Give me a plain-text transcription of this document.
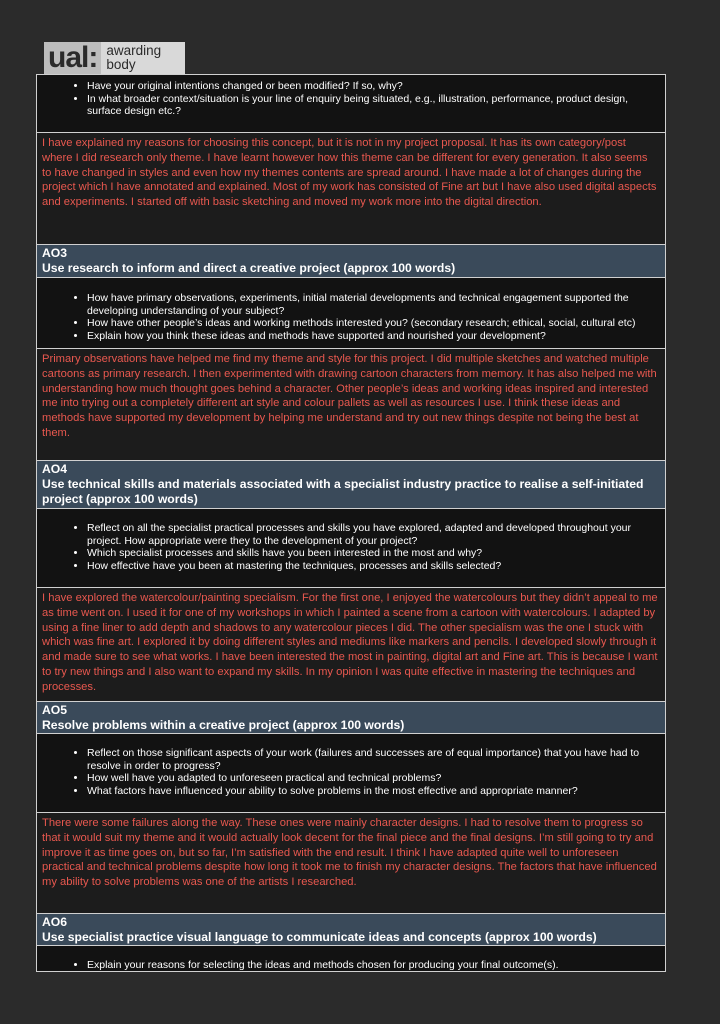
ual: awarding
body
• Have your original intentions changed or been modified? If so, why?
• In what broader context/situation is your line of enquiry being situated, e.g., illustration, performance, product design, surface design etc.?
I have explained my reasons for choosing this concept, but it is not in my project proposal. It has its own category/post where I did research only theme. I have learnt however how this theme can be different for every generation. It also seems to have changed in styles and even how my themes contents are spread around. I have made a lot of changes during the project which I have annotated and explained. Most of my work has consisted of Fine art but I have also used digital aspects and experiments. I started off with basic sketching and moved my work more into the digital direction.
AO3
Use research to inform and direct a creative project (approx 100 words)
• How have primary observations, experiments, initial material developments and technical engagement supported the developing understanding of your subject?
• How have other people’s ideas and working methods interested you? (secondary research; ethical, social, cultural etc)
• Explain how you think these ideas and methods have supported and nourished your development?
Primary observations have helped me find my theme and style for this project. I did multiple sketches and watched multiple cartoons as primary research. I then experimented with drawing cartoon characters from memory. It has also helped me with understanding how much thought goes behind a character. Other people’s ideas and working ideas inspired and interested me into trying out a completely different art style and colour pallets as well as resources I use. I think these ideas and methods have supported my development by helping me understand and try out new things despite not being the best at them.
AO4
Use technical skills and materials associated with a specialist industry practice to realise a self-initiated project (approx 100 words)
• Reflect on all the specialist practical processes and skills you have explored, adapted and developed throughout your project. How appropriate were they to the development of your project?
• Which specialist processes and skills have you been interested in the most and why?
• How effective have you been at mastering the techniques, processes and skills selected?
I have explored the watercolour/painting specialism. For the first one, I enjoyed the watercolours but they didn’t appeal to me as time went on. I used it for one of my workshops in which I painted a scene from a cartoon with watercolours. I adapted by using a fine liner to add depth and shadows to any watercolour pieces I did. The other specialism was the one I stuck with which was fine art. I explored it by doing different styles and mediums like markers and pencils. I developed slowly through it and made sure to see what works. I have been interested the most in painting, digital art and Fine art. This is because I want to try new things and I also want to expand my skills. In my opinion I was quite effective in mastering the techniques and processes.
AO5
Resolve problems within a creative project (approx 100 words)
• Reflect on those significant aspects of your work (failures and successes are of equal importance) that you have had to resolve in order to progress?
• How well have you adapted to unforeseen practical and technical problems?
• What factors have influenced your ability to solve problems in the most effective and appropriate manner?
There were some failures along the way. These ones were mainly character designs. I had to resolve them to progress so that it would suit my theme and it would actually look decent for the final piece and the final designs. I’m still going to try and improve it as time goes on, but so far, I’m satisfied with the end result. I think I have adapted quite well to unforeseen practical and technical problems despite how long it took me to finish my character designs. The factors that have influenced my ability to solve problems was one of the artists I researched.
AO6
Use specialist practice visual language to communicate ideas and concepts (approx 100 words)
• Explain your reasons for selecting the ideas and methods chosen for producing your final outcome(s).
